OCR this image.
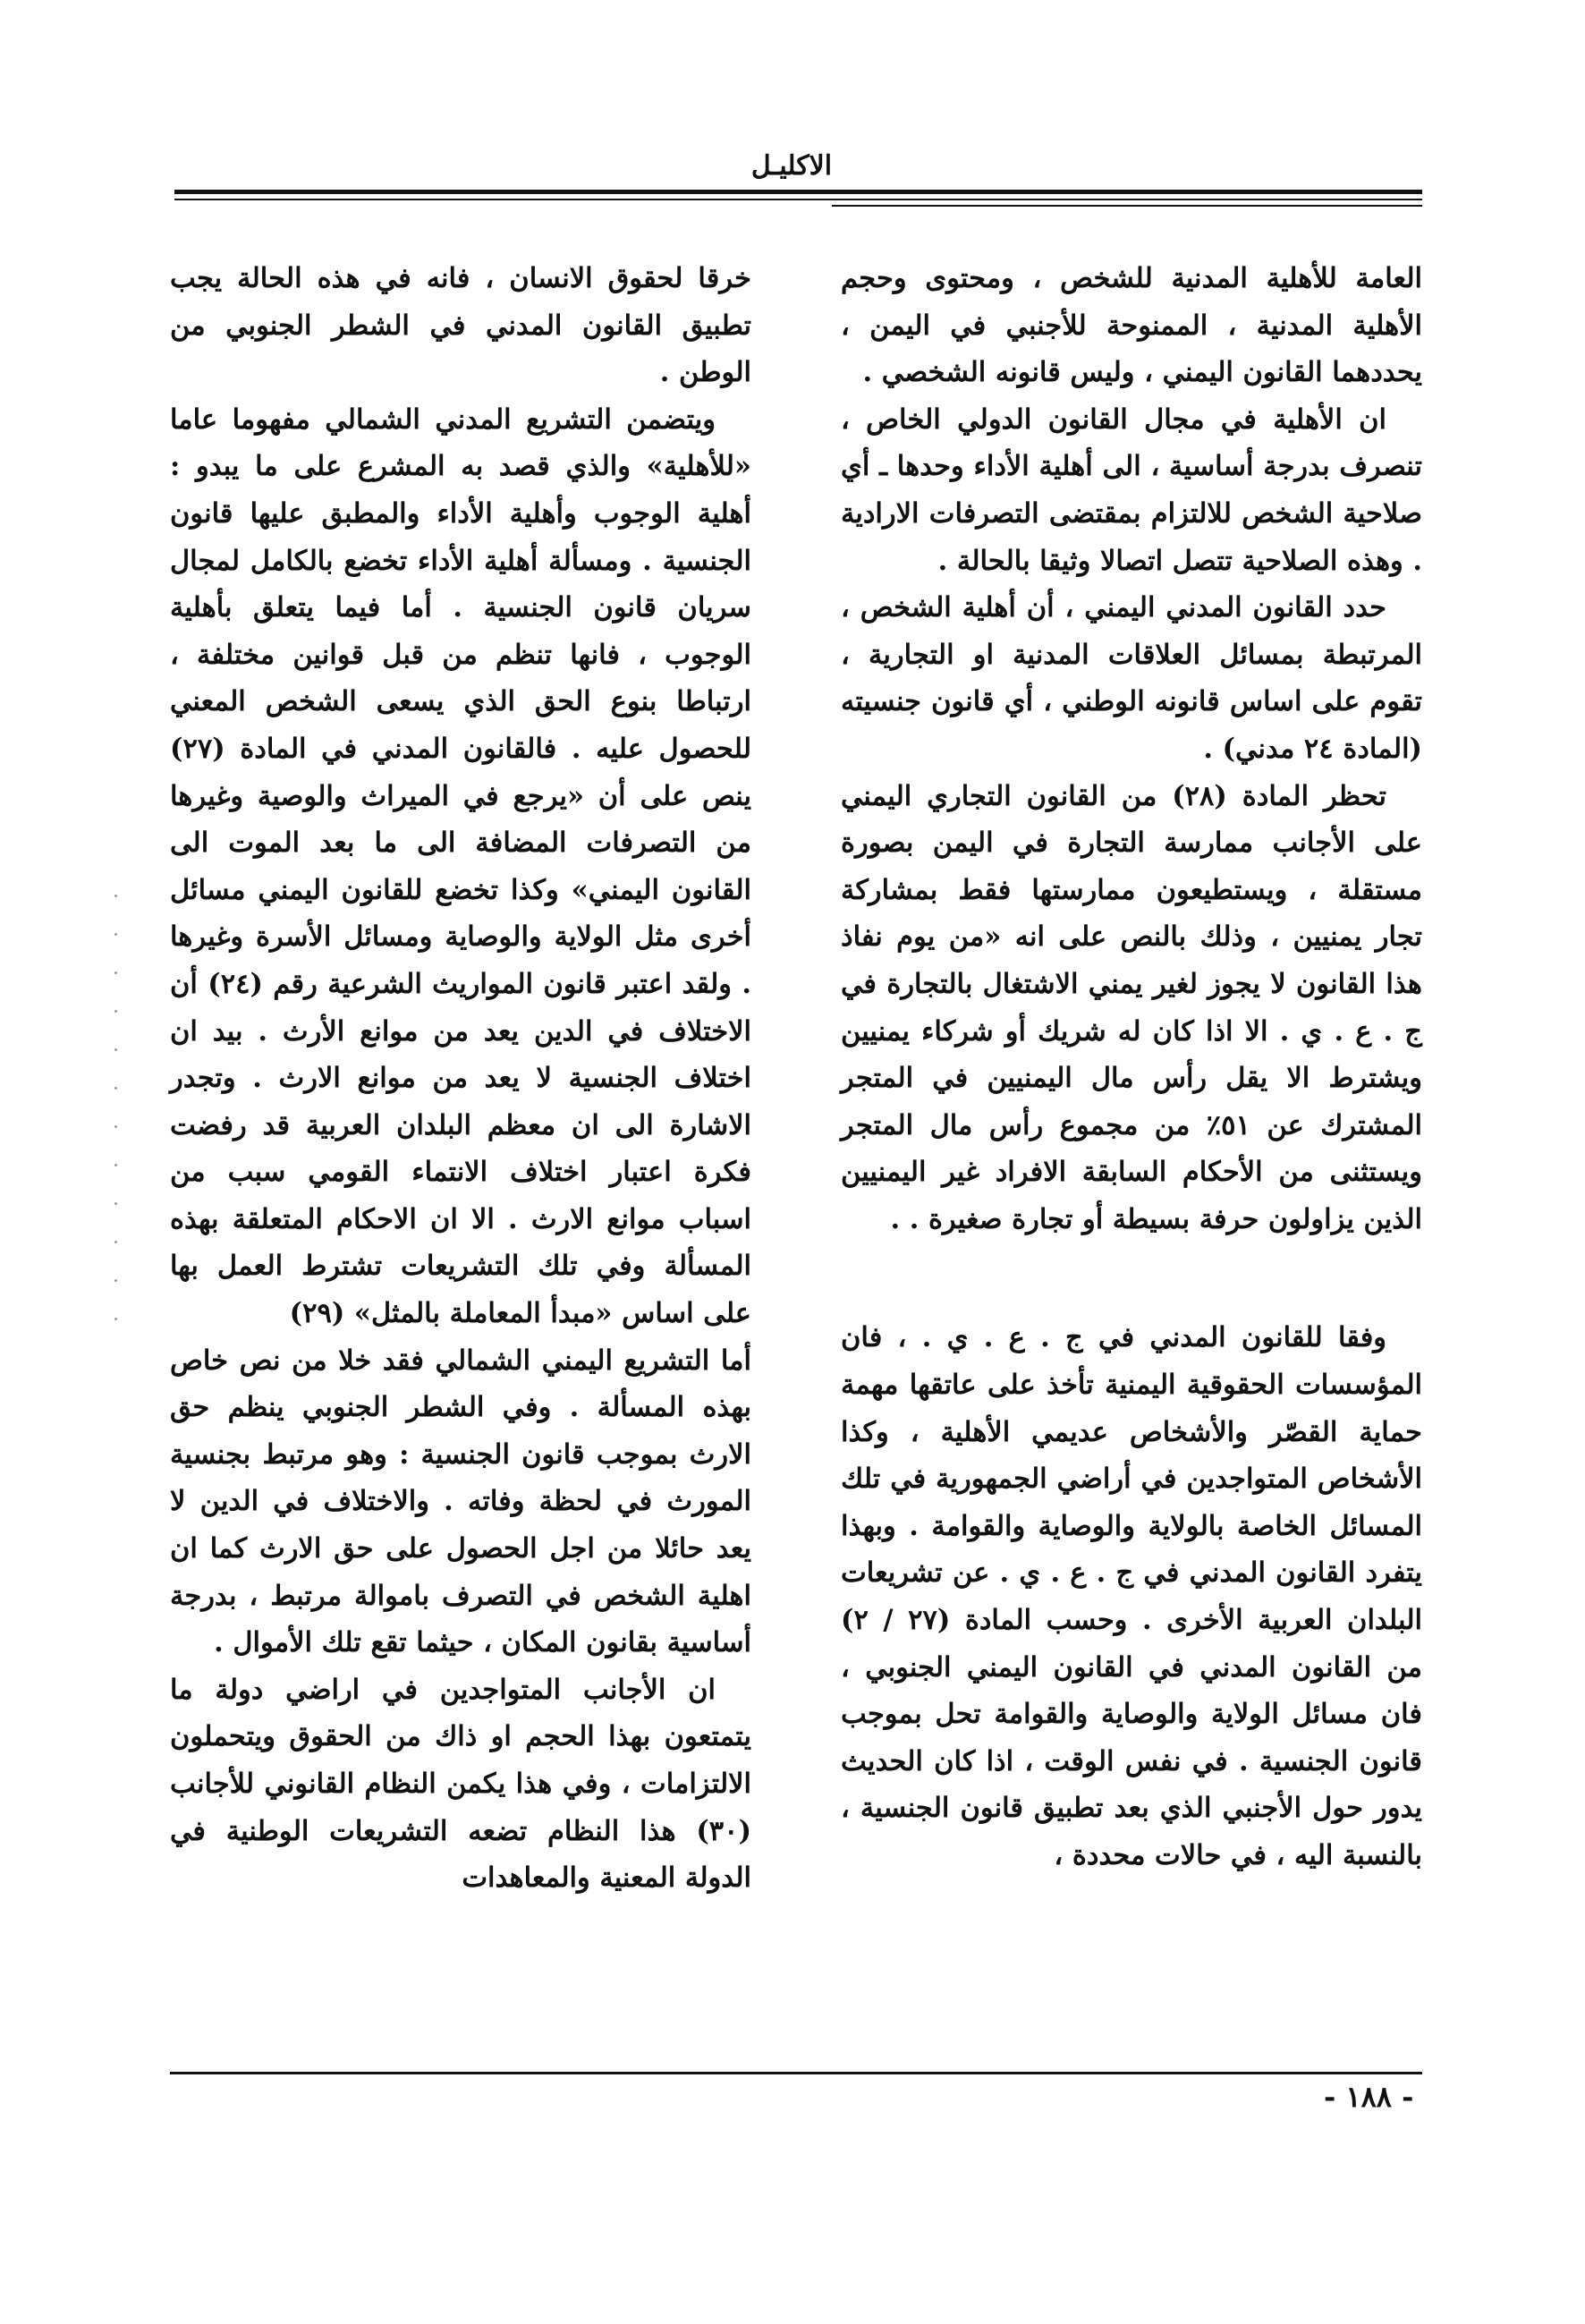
الاكليـل

العامة للأهلية المدنية للشخص ، ومحتوى وحجم الأهلية المدنية ، الممنوحة للأجنبي في اليمن ، يحددهما القانون اليمني ، وليس قانونه الشخصي .

ان الأهلية في مجال القانون الدولي الخاص ، تنصرف بدرجة أساسية ، الى أهلية الأداء وحدها ـ أي صلاحية الشخص للالتزام بمقتضى التصرفات الارادية . وهذه الصلاحية تتصل اتصالا وثيقا بالحالة .

حدد القانون المدني اليمني ، أن أهلية الشخص ، المرتبطة بمسائل العلاقات المدنية او التجارية ، تقوم على اساس قانونه الوطني ، أي قانون جنسيته (المادة ٢٤ مدني) .

تحظر المادة (٢٨) من القانون التجاري اليمني على الأجانب ممارسة التجارة في اليمن بصورة مستقلة ، ويستطيعون ممارستها فقط بمشاركة تجار يمنيين ، وذلك بالنص على انه «من يوم نفاذ هذا القانون لا يجوز لغير يمني الاشتغال بالتجارة في ج . ع . ي . الا اذا كان له شريك أو شركاء يمنيين ويشترط الا يقل رأس مال اليمنيين في المتجر المشترك عن ٥١٪ من مجموع رأس مال المتجر ويستثنى من الأحكام السابقة الافراد غير اليمنيين الذين يزاولون حرفة بسيطة أو تجارة صغيرة . .

وفقا للقانون المدني في ج . ع . ي . ، فان المؤسسات الحقوقية اليمنية تأخذ على عاتقها مهمة حماية القصّر والأشخاص عديمي الأهلية ، وكذا الأشخاص المتواجدين في أراضي الجمهورية في تلك المسائل الخاصة بالولاية والوصاية والقوامة . وبهذا يتفرد القانون المدني في ج . ع . ي . عن تشريعات البلدان العربية الأخرى . وحسب المادة (٢٧ / ٢) من القانون المدني في القانون اليمني الجنوبي ، فان مسائل الولاية والوصاية والقوامة تحل بموجب قانون الجنسية . في نفس الوقت ، اذا كان الحديث يدور حول الأجنبي الذي بعد تطبيق قانون الجنسية ، بالنسبة اليه ، في حالات محددة ،

خرقا لحقوق الانسان ، فانه في هذه الحالة يجب تطبيق القانون المدني في الشطر الجنوبي من الوطن .

ويتضمن التشريع المدني الشمالي مفهوما عاما «للأهلية» والذي قصد به المشرع على ما يبدو : أهلية الوجوب وأهلية الأداء والمطبق عليها قانون الجنسية . ومسألة أهلية الأداء تخضع بالكامل لمجال سريان قانون الجنسية . أما فيما يتعلق بأهلية الوجوب ، فانها تنظم من قبل قوانين مختلفة ، ارتباطا بنوع الحق الذي يسعى الشخص المعني للحصول عليه . فالقانون المدني في المادة (٢٧) ينص على أن «يرجع في الميراث والوصية وغيرها من التصرفات المضافة الى ما بعد الموت الى القانون اليمني» وكذا تخضع للقانون اليمني مسائل أخرى مثل الولاية والوصاية ومسائل الأسرة وغيرها . ولقد اعتبر قانون المواريث الشرعية رقم (٢٤) أن الاختلاف في الدين يعد من موانع الأرث . بيد ان اختلاف الجنسية لا يعد من موانع الارث . وتجدر الاشارة الى ان معظم البلدان العربية قد رفضت فكرة اعتبار اختلاف الانتماء القومي سبب من اسباب موانع الارث . الا ان الاحكام المتعلقة بهذه المسألة وفي تلك التشريعات تشترط العمل بها على اساس «مبدأ المعاملة بالمثل» (٢٩)

أما التشريع اليمني الشمالي فقد خلا من نص خاص بهذه المسألة . وفي الشطر الجنوبي ينظم حق الارث بموجب قانون الجنسية : وهو مرتبط بجنسية المورث في لحظة وفاته . والاختلاف في الدين لا يعد حائلا من اجل الحصول على حق الارث كما ان اهلية الشخص في التصرف باموالة مرتبط ، بدرجة أساسية بقانون المكان ، حيثما تقع تلك الأموال .

ان الأجانب المتواجدين في اراضي دولة ما يتمتعون بهذا الحجم او ذاك من الحقوق ويتحملون الالتزامات ، وفي هذا يكمن النظام القانوني للأجانب (٣٠) هذا النظام تضعه التشريعات الوطنية في الدولة المعنية والمعاهدات

- ١٨٨ -
